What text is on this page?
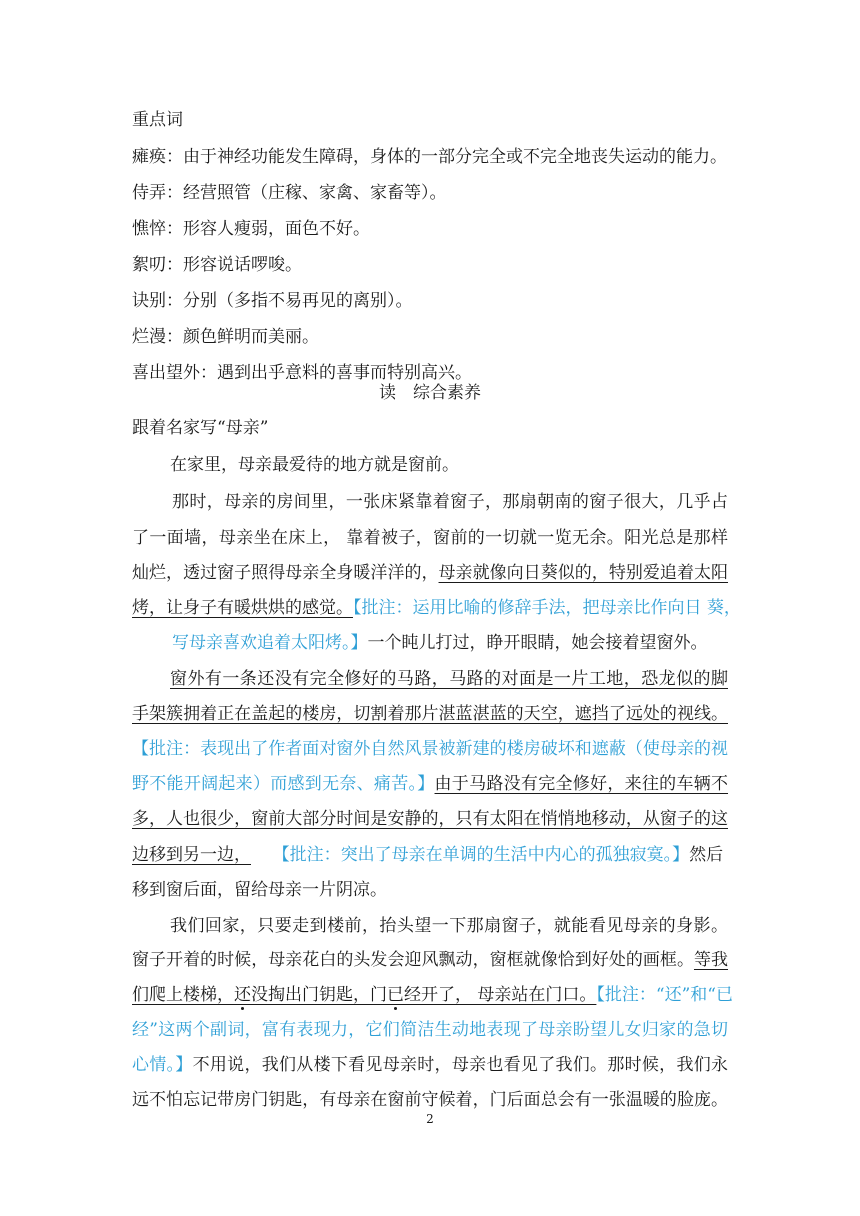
重点词
瘫痪：由于神经功能发生障碍，身体的一部分完全或不完全地丧失运动的能力。
侍弄：经营照管（庄稼、家禽、家畜等）。
憔悴：形容人瘦弱，面色不好。
絮叨：形容说话啰唆。
诀别：分别（多指不易再见的离别）。
烂漫：颜色鲜明而美丽。
喜出望外：遇到出乎意料的喜事而特别高兴。
读　综合素养
跟着名家写“母亲”
在家里，母亲最爱待的地方就是窗前。
那时，母亲的房间里，一张床紧靠着窗子，那扇朝南的窗子很大，几乎占
了一面墙，母亲坐在床上， 靠着被子，窗前的一切就一览无余。阳光总是那样
灿烂，透过窗子照得母亲全身暖洋洋的，母亲就像向日葵似的，特别爱追着太阳
烤，让身子有暖烘烘的感觉。【批注：运用比喻的修辞手法，把母亲比作向日 葵，
写母亲喜欢追着太阳烤。】一个盹儿打过，睁开眼睛，她会接着望窗外。
窗外有一条还没有完全修好的马路，马路的对面是一片工地，恐龙似的脚
手架簇拥着正在盖起的楼房，切割着那片湛蓝湛蓝的天空，遮挡了远处的视线。
【批注：表现出了作者面对窗外自然风景被新建的楼房破坏和遮蔽（使母亲的视
野不能开阔起来）而感到无奈、痛苦。】由于马路没有完全修好，来往的车辆不
多，人也很少，窗前大部分时间是安静的，只有太阳在悄悄地移动，从窗子的这
边移到另一边， 【批注：突出了母亲在单调的生活中内心的孤独寂寞。】然后
移到窗后面，留给母亲一片阴凉。
我们回家，只要走到楼前，抬头望一下那扇窗子，就能看见母亲的身影。
窗子开着的时候，母亲花白的头发会迎风飘动，窗框就像恰到好处的画框。等我
们爬上楼梯，还没掏出门钥匙，门已经开了， 母亲站在门口。【批注：“还”和“已
经”这两个副词，富有表现力，它们简洁生动地表现了母亲盼望儿女归家的急切
心情。】不用说，我们从楼下看见母亲时，母亲也看见了我们。那时候，我们永
远不怕忘记带房门钥匙，有母亲在窗前守候着，门后面总会有一张温暖的脸庞。
2
